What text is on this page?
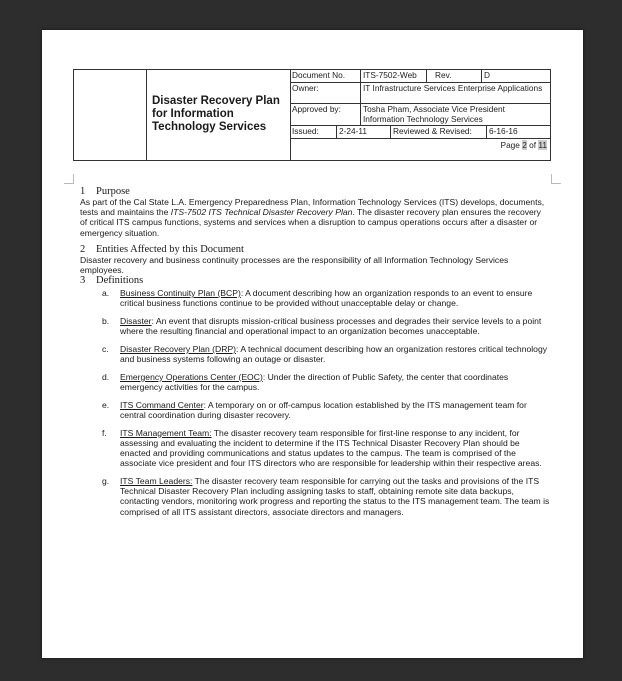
Disaster Recovery Plan for Information Technology Services
Document No.	ITS-7502-Web	Rev.	D
Owner:	IT Infrastructure Services Enterprise Applications
Approved by:	Tosha Pham, Associate Vice President Information Technology Services
Issued:	2-24-11	Reviewed & Revised:	6-16-16
Page 2 of 11
1 Purpose

As part of the Cal State L.A. Emergency Preparedness Plan, Information Technology Services (ITS) develops, documents, tests and maintains the ITS-7502 ITS Technical Disaster Recovery Plan. The disaster recovery plan ensures the recovery of critical ITS campus functions, systems and services when a disruption to campus operations occurs after a disaster or emergency situation.

2 Entities Affected by this Document

Disaster recovery and business continuity processes are the responsibility of all Information Technology Services employees.

3 Definitions
a. Business Continuity Plan (BCP): A document describing how an organization responds to an event to ensure critical business functions continue to be provided without unacceptable delay or change.
b. Disaster: An event that disrupts mission-critical business processes and degrades their service levels to a point where the resulting financial and operational impact to an organization becomes unacceptable.
c. Disaster Recovery Plan (DRP): A technical document describing how an organization restores critical technology and business systems following an outage or disaster.
d. Emergency Operations Center (EOC): Under the direction of Public Safety, the center that coordinates emergency activities for the campus.
e. ITS Command Center: A temporary on or off-campus location established by the ITS management team for central coordination during disaster recovery.
f. ITS Management Team: The disaster recovery team responsible for first-line response to any incident, for assessing and evaluating the incident to determine if the ITS Technical Disaster Recovery Plan should be enacted and providing communications and status updates to the campus. The team is comprised of the associate vice president and four ITS directors who are responsible for leadership within their respective areas.
g. ITS Team Leaders: The disaster recovery team responsible for carrying out the tasks and provisions of the ITS Technical Disaster Recovery Plan including assigning tasks to staff, obtaining remote site data backups, contacting vendors, monitoring work progress and reporting the status to the ITS management team. The team is comprised of all ITS assistant directors, associate directors and managers.
